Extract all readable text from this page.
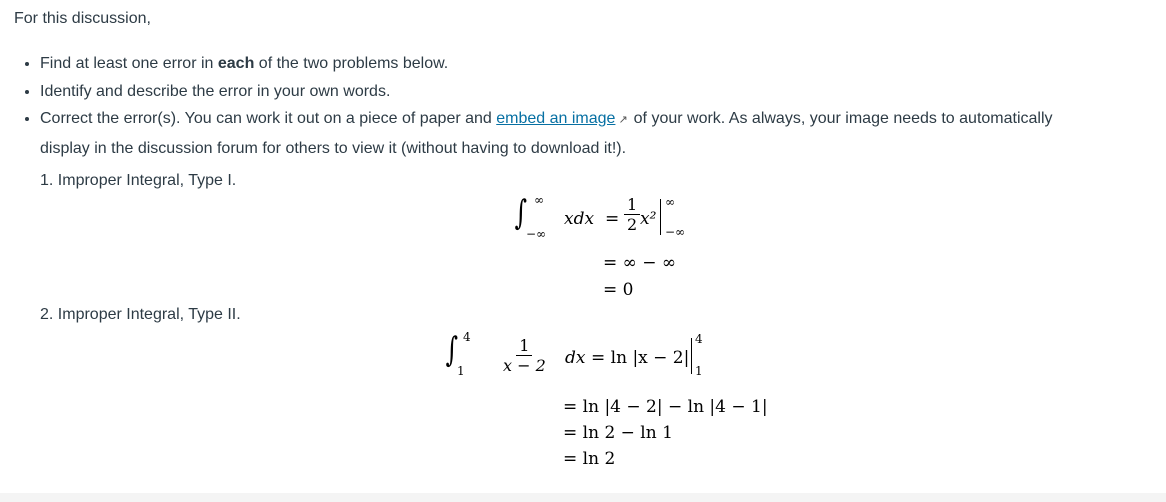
For this discussion,
• Find at least one error in each of the two problems below.
• Identify and describe the error in your own words.
• Correct the error(s). You can work it out on a piece of paper and embed an image ↗ of your work. As always, your image needs to automatically display in the discussion forum for others to view it (without having to download it!).
1. Improper Integral, Type I.
∫ ∞
−∞
xdx = $\frac{1}{2} x^2$
∞
−∞
= ∞ − ∞
= 0
2. Improper Integral, Type II.
∫ 4
$1 \frac{1}{x - 2}$ dx = ln |x − 2|
4
1
= ln |4 − 2| − ln |4 − 1|
= ln 2 − ln 1
= ln 2
